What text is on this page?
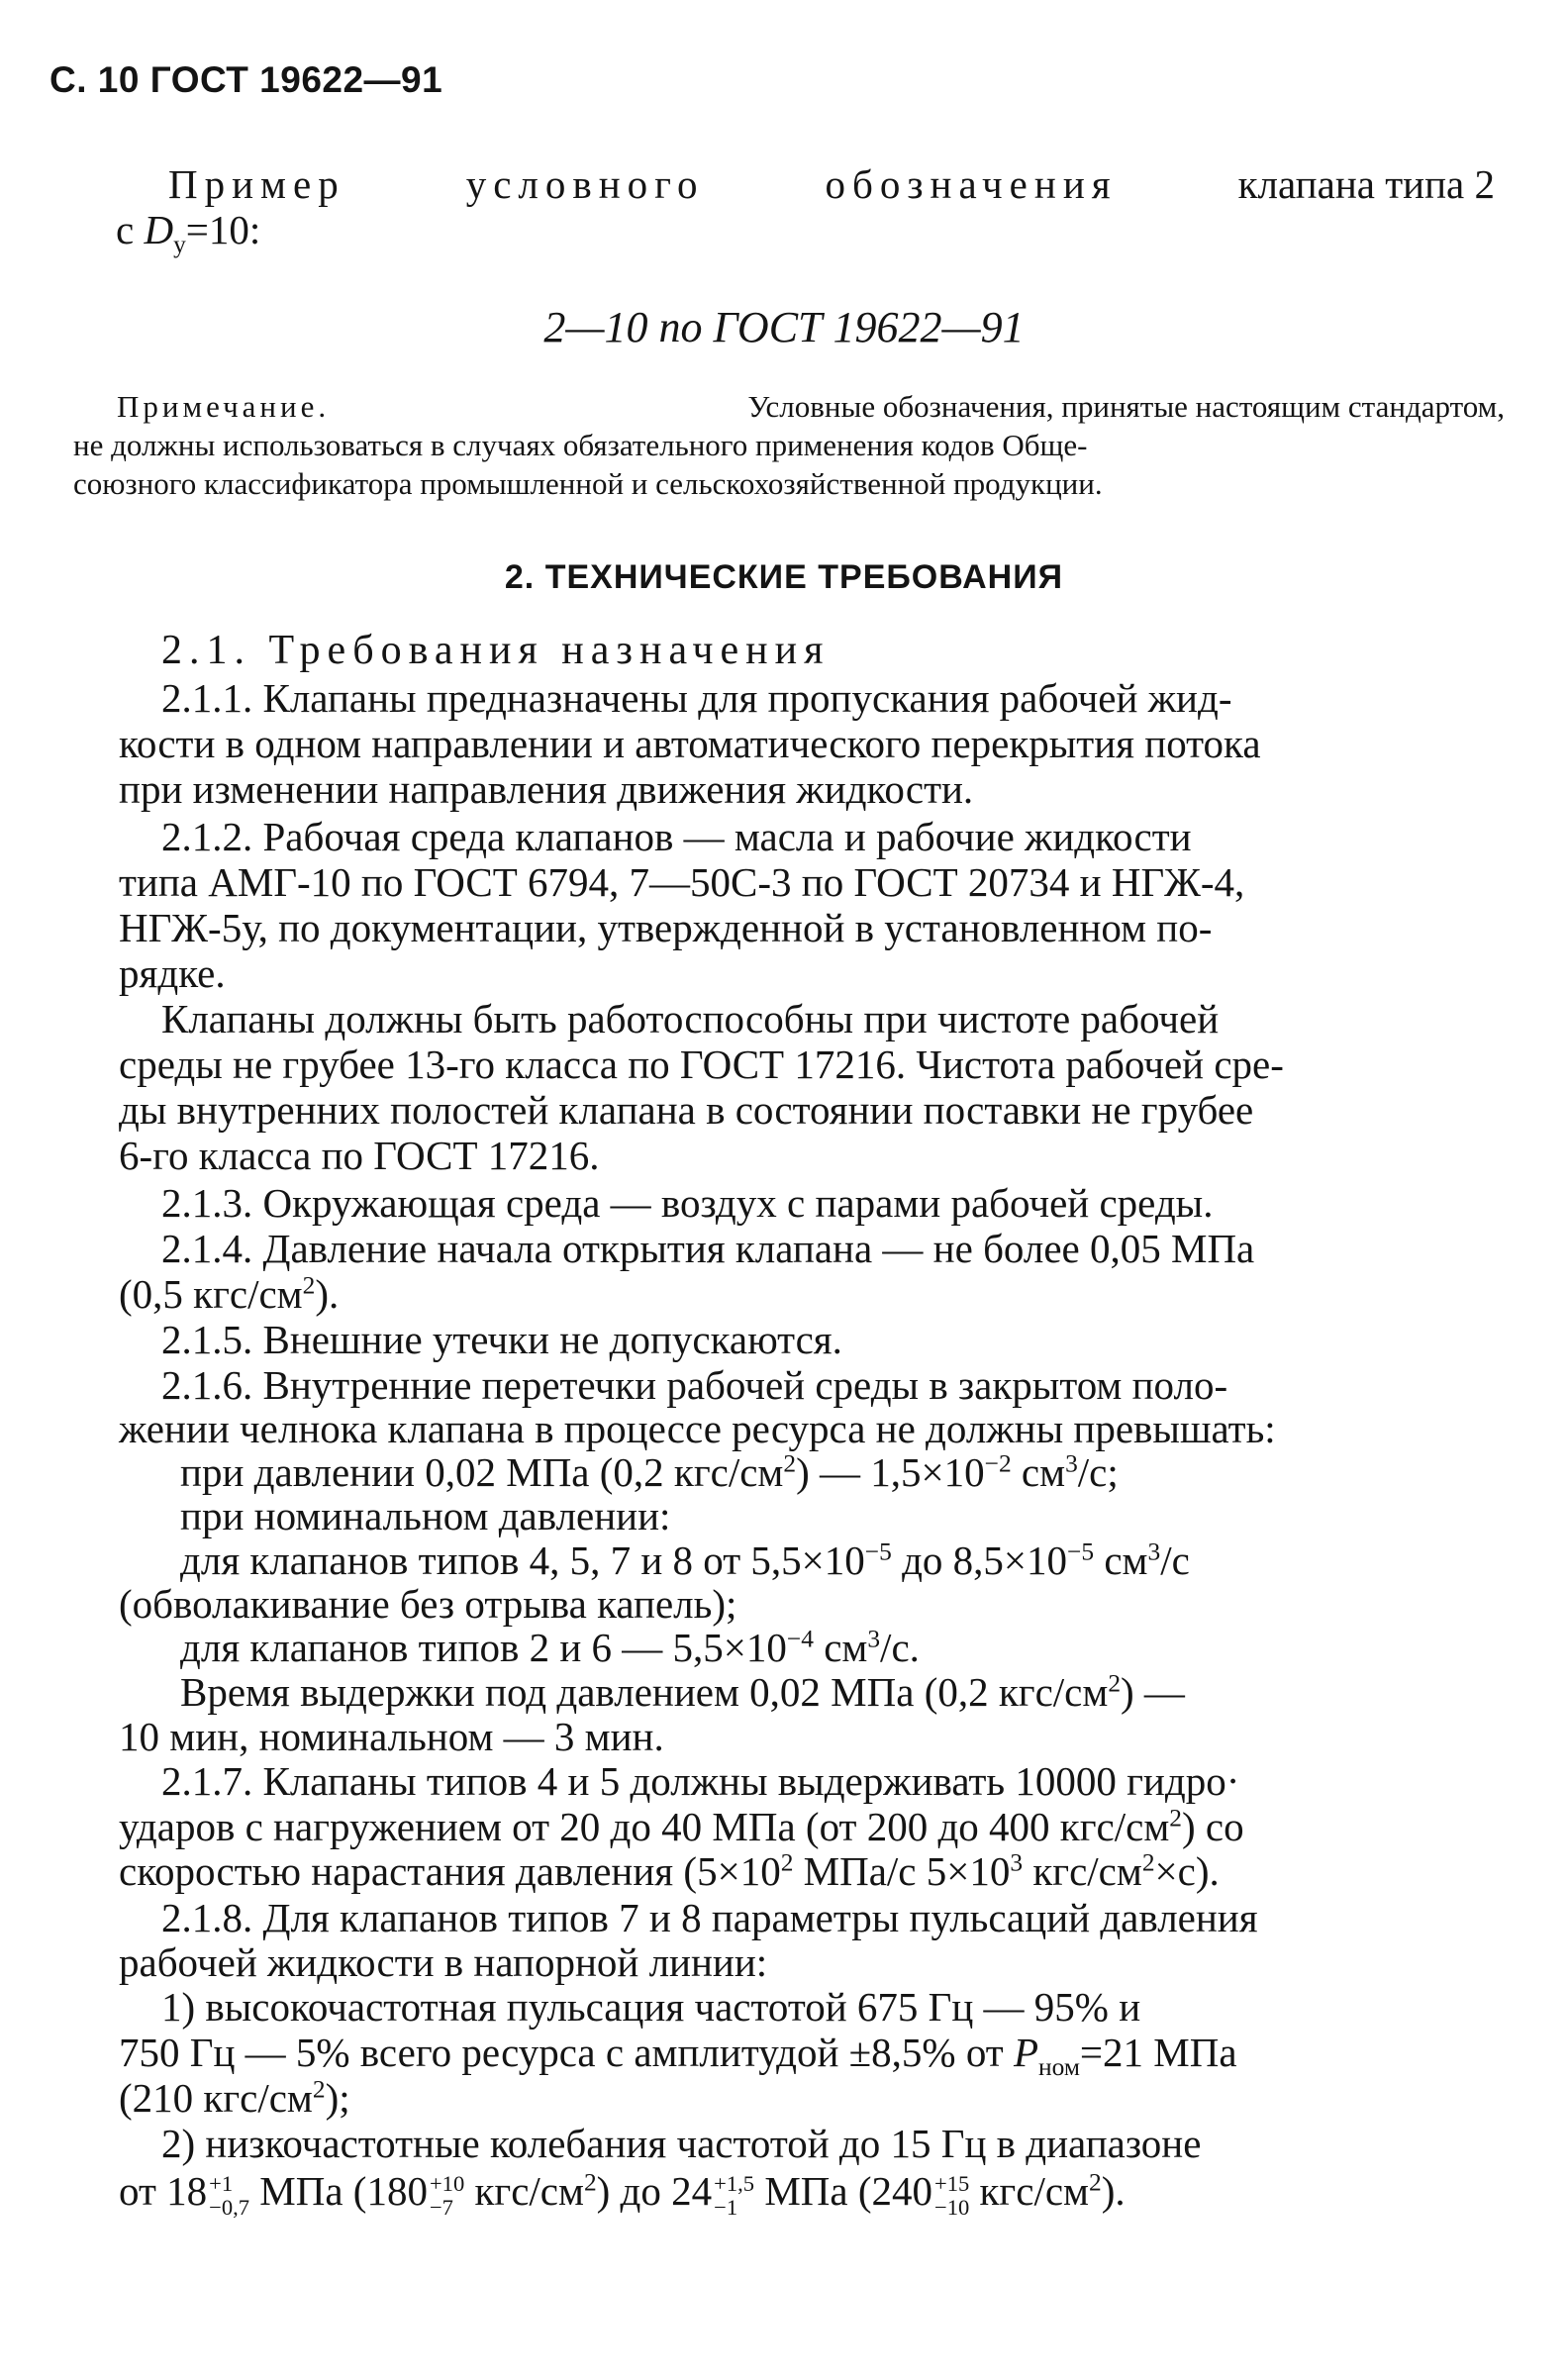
С. 10 ГОСТ 19622—91
Пример	условного	обозначения	клапана типа 2
с $D_у=10$:
2—10 по ГОСТ 19622—91
Примечание.	Условные обозначения, принятые настоящим стандартом,
не должны использоваться в случаях обязательного применения кодов Обще-
союзного классификатора промышленной и сельскохозяйственной продукции.
2. ТЕХНИЧЕСКИЕ ТРЕБОВАНИЯ
2.1. Требования назначения
2.1.1. Клапаны предназначены для пропускания рабочей жид-
кости в одном направлении и автоматического перекрытия потока
при изменении направления движения жидкости.
2.1.2. Рабочая среда клапанов — масла и рабочие жидкости
типа АМГ-10 по ГОСТ 6794, 7—50С-3 по ГОСТ 20734 и НГЖ-4,
НГЖ-5у, по документации, утвержденной в установленном по-
рядке.
Клапаны должны быть работоспособны при чистоте рабочей
среды не грубее 13-го класса по ГОСТ 17216. Чистота рабочей сре-
ды внутренних полостей клапана в состоянии поставки не грубее
6-го класса по ГОСТ 17216.
2.1.3. Окружающая среда — воздух с парами рабочей среды.
2.1.4. Давление начала открытия клапана — не более 0,05 МПа
(0,5 кгс/$см^2$).
2.1.5. Внешние утечки не допускаются.
2.1.6. Внутренние перетечки рабочей среды в закрытом поло-
жении челнока клапана в процессе ресурса не должны превышать:
при давлении 0,02 МПа (0,2 кгс/$см^2$) — $1,5\times 10^{-2}$ $см^3/с$;
при номинальном давлении:
для клапанов типов 4, 5, 7 и 8 от $5,5\times 10^{-5}$ до $8,5\times 10^{-5}$ $см^3/с$
(обволакивание без отрыва капель);
для клапанов типов 2 и 6 — $5,5\times 10^{-4}$ $см^3/с$.
Время выдержки под давлением 0,02 МПа (0,2 кгс/$см^2$) —
10 мин, номинальном — 3 мин.
2.1.7. Клапаны типов 4 и 5 должны выдерживать 10000 гидро·
ударов с нагружением от 20 до 40 МПа (от 200 до 400 кгс/$см^2$) со
скоростью нарастания давления ($5\times 10^2$ МПа/с $5\times 10^3$ кгс/$см^2\times с$).
2.1.8. Для клапанов типов 7 и 8 параметры пульсаций давления
рабочей жидкости в напорной линии:
1) высокочастотная пульсация частотой 675 Гц — 95% и
750 Гц — 5% всего ресурса с амплитудой ±8,5% от $P_{ном}=21$ МПа
(210 кгс/$см^2$);
2) низкочастотные колебания частотой до 15 Гц в диапазоне
от 18 +1
−0,7 МПа (180 +10
−7 кгс/$см^2$) до 24 +1,5
−1 МПа (240 +15
−10 кгс/$см^2$).
